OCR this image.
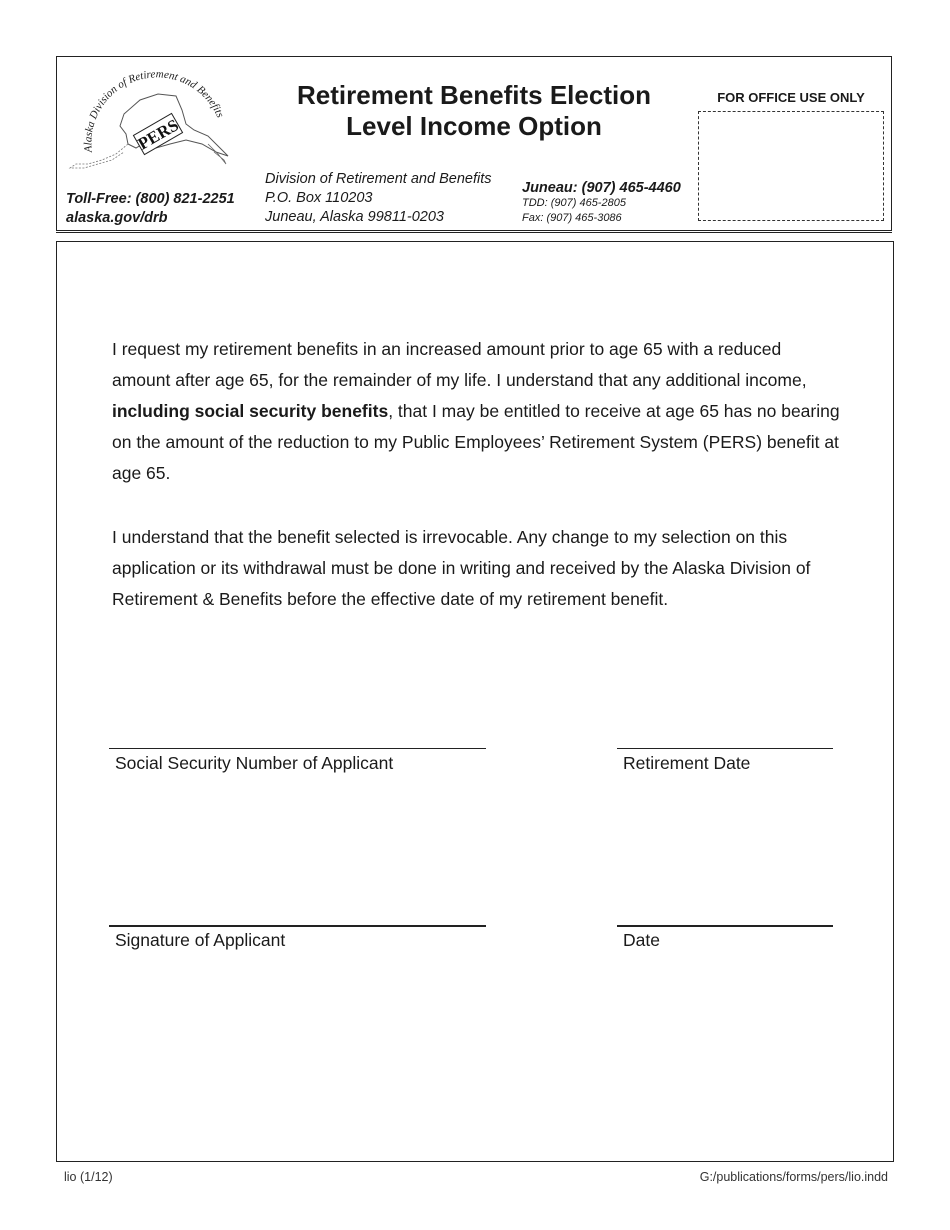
Alaska Division of Retirement and Benefits
PERS
Retirement Benefits Election
Level Income Option
Toll-Free: (800) 821-2251
alaska.gov/drb
Division of Retirement and Benefits
P.O. Box 110203
Juneau, Alaska 99811-0203
Juneau: (907) 465-4460
TDD: (907) 465-2805
Fax: (907) 465-3086
FOR OFFICE USE ONLY
I request my retirement benefits in an increased amount prior to age 65 with a reduced amount after age 65, for the remainder of my life. I understand that any additional income, including social security benefits, that I may be entitled to receive at age 65 has no bearing on the amount of the reduction to my Public Employees’ Retirement System (PERS) benefit at age 65.
I understand that the benefit selected is irrevocable. Any change to my selection on this application or its withdrawal must be done in writing and received by the Alaska Division of Retirement & Benefits before the effective date of my retirement benefit.
Social Security Number of Applicant	Retirement Date
Signature of Applicant	Date
lio (1/12)	G:/publications/forms/pers/lio.indd
